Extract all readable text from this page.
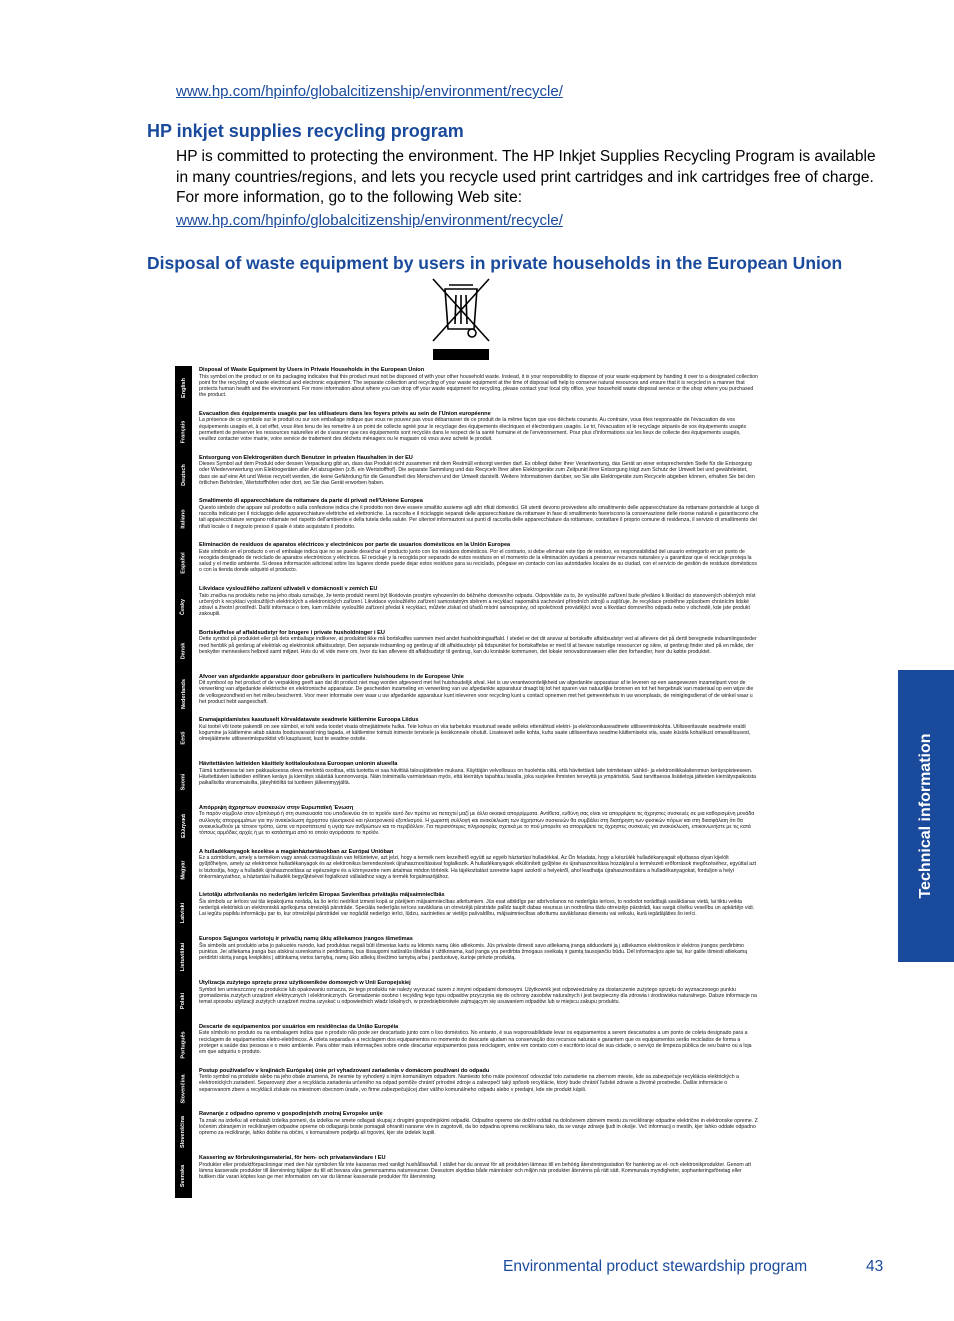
www.hp.com/hpinfo/globalcitizenship/environment/recycle/
HP inkjet supplies recycling program
HP is committed to protecting the environment. The HP Inkjet Supplies Recycling Program is available in many countries/regions, and lets you recycle used print cartridges and ink cartridges free of charge. For more information, go to the following Web site:
www.hp.com/hpinfo/globalcitizenship/environment/recycle/
Disposal of waste equipment by users in private households in the European Union
English
Disposal of Waste Equipment by Users in Private Households in the European Union
This symbol on the product or on its packaging indicates that this product must not be disposed of with your other household waste. Instead, it is your responsibility to dispose of your waste equipment by handing it over to a designated collection point for the recycling of waste electrical and electronic equipment. The separate collection and recycling of your waste equipment at the time of disposal will help to conserve natural resources and ensure that it is recycled in a manner that protects human health and the environment. For more information about where you can drop off your waste equipment for recycling, please contact your local city office, your household waste disposal service or the shop where you purchased the product.
Français
Évacuation des équipements usagés par les utilisateurs dans les foyers privés au sein de l'Union européenne
La présence de ce symbole sur le produit ou sur son emballage indique que vous ne pouvez pas vous débarrasser de ce produit de la même façon que vos déchets courants. Au contraire, vous êtes responsable de l'évacuation de vos équipements usagés et, à cet effet, vous êtes tenu de les remettre à un point de collecte agréé pour le recyclage des équipements électriques et électroniques usagés. Le tri, l'évacuation et le recyclage séparés de vos équipements usagés permettent de préserver les ressources naturelles et de s'assurer que ces équipements sont recyclés dans le respect de la santé humaine et de l'environnement. Pour plus d'informations sur les lieux de collecte des équipements usagés, veuillez contacter votre mairie, votre service de traitement des déchets ménagers ou le magasin où vous avez acheté le produit.
Deutsch
Entsorgung von Elektrogeräten durch Benutzer in privaten Haushalten in der EU
Dieses Symbol auf dem Produkt oder dessen Verpackung gibt an, dass das Produkt nicht zusammen mit dem Restmüll entsorgt werden darf. Es obliegt daher Ihrer Verantwortung, das Gerät an einer entsprechenden Stelle für die Entsorgung oder Wiederverwertung von Elektrogeräten aller Art abzugeben (z.B. ein Wertstoffhof). Die separate Sammlung und das Recyceln Ihrer alten Elektrogeräte zum Zeitpunkt ihrer Entsorgung trägt zum Schutz der Umwelt bei und gewährleistet, dass sie auf eine Art und Weise recycelt werden, die keine Gefährdung für die Gesundheit des Menschen und der Umwelt darstellt. Weitere Informationen darüber, wo Sie alte Elektrogeräte zum Recyceln abgeben können, erhalten Sie bei den örtlichen Behörden, Wertstoffhöfen oder dort, wo Sie das Gerät erworben haben.
Italiano
Smaltimento di apparecchiature da rottamare da parte di privati nell'Unione Europea
Questo simbolo che appare sul prodotto o sulla confezione indica che il prodotto non deve essere smaltito assieme agli altri rifiuti domestici. Gli utenti devono provvedere allo smaltimento delle apparecchiature da rottamare portandole al luogo di raccolta indicato per il riciclaggio delle apparecchiature elettriche ed elettroniche. La raccolta e il riciclaggio separati delle apparecchiature da rottamare in fase di smaltimento favoriscono la conservazione delle risorse naturali e garantiscono che tali apparecchiature vengano rottamate nel rispetto dell'ambiente e della tutela della salute. Per ulteriori informazioni sui punti di raccolta delle apparecchiature da rottamare, contattare il proprio comune di residenza, il servizio di smaltimento dei rifiuti locale o il negozio presso il quale è stato acquistato il prodotto.
Español
Eliminación de residuos de aparatos eléctricos y electrónicos por parte de usuarios domésticos en la Unión Europea
Este símbolo en el producto o en el embalaje indica que no se puede desechar el producto junto con los residuos domésticos. Por el contrario, si debe eliminar este tipo de residuo, es responsabilidad del usuario entregarlo en un punto de recogida designado de reciclado de aparatos electrónicos y eléctricos. El reciclaje y la recogida por separado de estos residuos en el momento de la eliminación ayudará a preservar recursos naturales y a garantizar que el reciclaje proteja la salud y el medio ambiente. Si desea información adicional sobre los lugares donde puede dejar estos residuos para su reciclado, póngase en contacto con las autoridades locales de su ciudad, con el servicio de gestión de residuos domésticos o con la tienda donde adquirió el producto.
Česky
Likvidace vysloužilého zařízení uživateli v domácnosti v zemích EU
Tato značka na produktu nebo na jeho obalu označuje, že tento produkt nesmí být likvidován prostým vyhozením do běžného domovního odpadu. Odpovídáte za to, že vysloužilé zařízení bude předáno k likvidaci do stanovených sběrných míst určených k recyklaci vysloužilých elektrických a elektronických zařízení. Likvidace vysloužilého zařízení samostatným sběrem a recyklací napomáhá zachování přírodních zdrojů a zajišťuje, že recyklace proběhne způsobem chránícím lidské zdraví a životní prostředí. Další informace o tom, kam můžete vysloužilé zařízení předat k recyklaci, můžete získat od úřadů místní samosprávy, od společnosti provádějící svoz a likvidaci domovního odpadu nebo v obchodě, kde jste produkt zakoupili.
Dansk
Bortskaffelse af affaldsudstyr for brugere i private husholdninger i EU
Dette symbol på produktet eller på dets emballage indikerer, at produktet ikke må bortskaffes sammen med andet husholdningsaffald. I stedet er det dit ansvar at bortskaffe affaldsudstyr ved at aflevere det på dertil beregnede indsamlingssteder med henblik på genbrug af elektrisk og elektronisk affaldsudstyr. Den separate indsamling og genbrug af dit affaldsudstyr på tidspunktet for bortskaffelse er med til at bevare naturlige ressourcer og sikre, at genbrug finder sted på en måde, der beskytter menneskers helbred samt miljøet. Hvis du vil vide mere om, hvor du kan aflevere dit affaldsudstyr til genbrug, kan du kontakte kommunen, det lokale renovationsvæsen eller den forhandler, hvor du købte produktet.
Nederlands
Afvoer van afgedankte apparatuur door gebruikers in particuliere huishoudens in de Europese Unie
Dit symbool op het product of de verpakking geeft aan dat dit product niet mag worden afgevoerd met het huishoudelijk afval. Het is uw verantwoordelijkheid uw afgedankte apparatuur af te leveren op een aangewezen inzamelpunt voor de verwerking van afgedankte elektrische en elektronische apparatuur. De gescheiden inzameling en verwerking van uw afgedankte apparatuur draagt bij tot het sparen van natuurlijke bronnen en tot het hergebruik van materiaal op een wijze die de volksgezondheid en het milieu beschermt. Voor meer informatie over waar u uw afgedankte apparatuur kunt inleveren voor recycling kunt u contact opnemen met het gemeentehuis in uw woonplaats, de reinigingsdienst of de winkel waar u het product hebt aangeschaft.
Eesti
Eramajapidamistes kasutuselt kõrvaldatavate seadmete käitlemine Euroopa Liidus
Kui tootel või toote pakendil on see sümbol, ei tohi seda toodet visata olmejäätmete hulka. Teie kohus on viia tarbetuks muutunud seade selleks ettenähtud elektri- ja elektroonikaseadmete utiliseerimiskohta. Utiliseeritavate seadmete eraldi kogumine ja käitlemine aitab säästa loodusvarasid ning tagada, et käitlemine toimub inimeste tervisele ja keskkonnale ohutult. Lisateavet selle kohta, kuhu saate utiliseeritava seadme käitlemiseks viia, saate küsida kohalikust omavalitsusest, olmejäätmete utiliseerimispunktist või kauplusest, kust te seadme ostsite.
Suomi
Hävitettävien laitteiden käsittely kotitalouksissa Euroopan unionin alueella
Tämä tuotteessa tai sen pakkauksessa oleva merkintä osoittaa, että tuotetta ei saa hävittää talousjätteiden mukana. Käyttäjän velvollisuus on huolehtia siitä, että hävitettävä laite toimitetaan sähkö- ja elektroniikkalaiteromun keräyspisteeseen. Hävitettävien laitteiden erillinen keräys ja kierrätys säästää luonnonvaroja. Näin toimimalla varmistetaan myös, että kierrätys tapahtuu tavalla, joka suojelee ihmisten terveyttä ja ympäristöä. Saat tarvittaessa lisätietoja jätteiden kierrätyspaikoista paikallisilta viranomaisilta, jäteyhtiöiltä tai tuotteen jälleenmyyjältä.
Ελληνικά
Απόρριψη άχρηστων συσκευών στην Ευρωπαϊκή Ένωση
Το παρόν σύμβολο στον εξοπλισμό ή στη συσκευασία του υποδεικνύει ότι το προϊόν αυτό δεν πρέπει να πεταχτεί μαζί με άλλα οικιακά απορρίμματα. Αντίθετα, ευθύνη σας είναι να απορρίψετε τις άχρηστες συσκευές σε μια καθορισμένη μονάδα συλλογής απορριμμάτων για την ανακύκλωση άχρηστου ηλεκτρικού και ηλεκτρονικού εξοπλισμού. Η χωριστή συλλογή και ανακύκλωση των άχρηστων συσκευών θα συμβάλει στη διατήρηση των φυσικών πόρων και στη διασφάλιση ότι θα ανακυκλωθούν με τέτοιον τρόπο, ώστε να προστατευτεί η υγεία των ανθρώπων και το περιβάλλον. Για περισσότερες πληροφορίες σχετικά με το πού μπορείτε να απορρίψετε τις άχρηστες συσκευές για ανακύκλωση, επικοινωνήστε με τις κατά τόπους αρμόδιες αρχές ή με το κατάστημα από το οποίο αγοράσατε το προϊόν.
Magyar
A hulladékanyagok kezelése a magánháztartásokban az Európai Unióban
Ez a szimbólum, amely a terméken vagy annak csomagolásán van feltüntetve, azt jelzi, hogy a termék nem kezelhető együtt az egyéb háztartási hulladékkal. Az Ön feladata, hogy a készülék hulladékanyagait eljuttassa olyan kijelölt gyűjtőhelyre, amely az elektromos hulladékanyagok és az elektronikus berendezések újrahasznosításával foglalkozik. A hulladékanyagok elkülönített gyűjtése és újrahasznosítása hozzájárul a természeti erőforrások megőrzéséhez, egyúttal azt is biztosítja, hogy a hulladék újrahasznosítása az egészségre és a környezetre nem ártalmas módon történik. Ha tájékoztatást szeretne kapni azokról a helyekről, ahol leadhatja újrahasznosításra a hulladékanyagokat, forduljon a helyi önkormányzathoz, a háztartási hulladék begyűjtésével foglalkozó vállalathoz vagy a termék forgalmazójához.
Latviski
Lietotāju atbrīvošanās no nederīgām ierīcēm Eiropas Savienības privātajās mājsaimniecībās
Šis simbols uz ierīces vai tās iepakojuma norāda, ka šo ierīci nedrīkst izmest kopā ar pārējiem mājsaimniecības atkritumiem. Jūs esat atbildīgs par atbrīvošanos no nederīgās ierīces, to nododot norādītajā savākšanas vietā, lai tiktu veikta nederīgā elektriskā un elektroniskā aprīkojuma otrreizējā pārstrāde. Speciāla nederīgās ierīces savākšana un otrreizējā pārstrāde palīdz taupīt dabas resursus un nodrošina tādu otrreizējo pārstrādi, kas sargā cilvēku veselību un apkārtējo vidi. Lai iegūtu papildu informāciju par to, kur otrreizējai pārstrādei var nogādāt nederīgo ierīci, lūdzu, sazinieties ar vietējo pašvaldību, mājsaimniecības atkritumu savākšanas dienestu vai veikalu, kurā iegādājāties šo ierīci.
Lietuviškai
Europos Sąjungos vartotojų ir privačių namų ūkių atliekamos įrangos išmetimas
Šis simbolis ant produkto arba jo pakuotės nurodo, kad produktas negali būti išmestas kartu su kitomis namų ūkio atliekomis. Jūs privalote išmesti savo atliekamą įrangą atiduodami ją į atliekamos elektronikos ir elektros įrangos perdirbimo punktus. Jei atliekama įranga bus atskirai surenkama ir perdirbama, bus išsaugomi natūralūs ištekliai ir užtikrinama, kad įranga yra perdirbta žmogaus sveikatą ir gamtą tausojančiu būdu. Dėl informacijos apie tai, kur galite išmesti atliekamą perdirbti skirtą įrangą kreipkitės į atitinkamą vietos tarnybą, namų ūkio atliekų išvežimo tarnybą arba į parduotuvę, kurioje pirkote produktą.
Polski
Utylizacja zużytego sprzętu przez użytkowników domowych w Unii Europejskiej
Symbol ten umieszczony na produkcie lub opakowaniu oznacza, że tego produktu nie należy wyrzucać razem z innymi odpadami domowymi. Użytkownik jest odpowiedzialny za dostarczenie zużytego sprzętu do wyznaczonego punktu gromadzenia zużytych urządzeń elektrycznych i elektronicznych. Gromadzenie osobno i recykling tego typu odpadów przyczynia się do ochrony zasobów naturalnych i jest bezpieczny dla zdrowia i środowiska naturalnego. Dalsze informacje na temat sposobu utylizacji zużytych urządzeń można uzyskać u odpowiednich władz lokalnych, w przedsiębiorstwie zajmującym się usuwaniem odpadów lub w miejscu zakupu produktu.
Português
Descarte de equipamentos por usuários em residências da União Européia
Este símbolo no produto ou na embalagem indica que o produto não pode ser descartado junto com o lixo doméstico. No entanto, é sua responsabilidade levar os equipamentos a serem descartados a um ponto de coleta designado para a reciclagem de equipamentos eletro-eletrônicos. A coleta separada e a reciclagem dos equipamentos no momento do descarte ajudam na conservação dos recursos naturais e garantem que os equipamentos serão reciclados de forma a proteger a saúde das pessoas e o meio ambiente. Para obter mais informações sobre onde descartar equipamentos para reciclagem, entre em contato com o escritório local de sua cidade, o serviço de limpeza pública de seu bairro ou a loja em que adquiriu o produto.
Slovenčina
Postup používateľov v krajinách Európskej únie pri vyhadzovaní zariadenia v domácom používaní do odpadu
Tento symbol na produkte alebo na jeho obale znamená, že nesmie by vyhodený s iným komunálnym odpadom. Namiesto toho máte povinnosť odovzdať toto zariadenie na zbernom mieste, kde sa zabezpečuje recyklácia elektrických a elektronických zariadení. Separovaný zber a recyklácia zariadenia určeného na odpad pomôže chrániť prírodné zdroje a zabezpečí taký spôsob recyklácie, ktorý bude chrániť ľudské zdravie a životné prostredie. Ďalšie informácie o separovanom zbere a recyklácii získate na miestnom obecnom úrade, vo firme zabezpečujúcej zber vášho komunálneho odpadu alebo v predajni, kde ste produkt kúpili.
Slovenščina
Ravnanje z odpadno opremo v gospodinjstvih znotraj Evropske unije
Ta znak na izdelku ali embalaži izdelka pomeni, da izdelka ne smete odlagati skupaj z drugimi gospodinjskimi odpadki. Odpadno opremo ste dolžni oddati na določenem zbirnem mestu za recikliranje odpadne električne in elektronske opreme. Z ločenim zbiranjem in recikliranjem odpadne opreme ob odlaganju boste pomagali ohraniti naravne vire in zagotovili, da bo odpadna oprema reciklirana tako, da se varuje zdravje ljudi in okolje. Več informacij o mestih, kjer lahko oddate odpadno opremo za recikliranje, lahko dobite na občini, v komunalnem podjetju ali trgovini, kjer ste izdelek kupili.
Svenska
Kassering av förbrukningsmaterial, för hem- och privatanvändare i EU
Produkter eller produktförpackningar med den här symbolen får inte kasseras med vanligt hushållsavfall. I stället har du ansvar för att produkten lämnas till en behörig återvinningsstation för hantering av el- och elektronikprodukter. Genom att lämna kasserade produkter till återvinning hjälper du till att bevara våra gemensamma naturresurser. Dessutom skyddas både människor och miljön när produkter återvinns på rätt sätt. Kommunala myndigheter, sophanteringsföretag eller butiken där varan köptes kan ge mer information om var du lämnar kasserade produkter för återvinning.
Technical information
Environmental product stewardship program	43
